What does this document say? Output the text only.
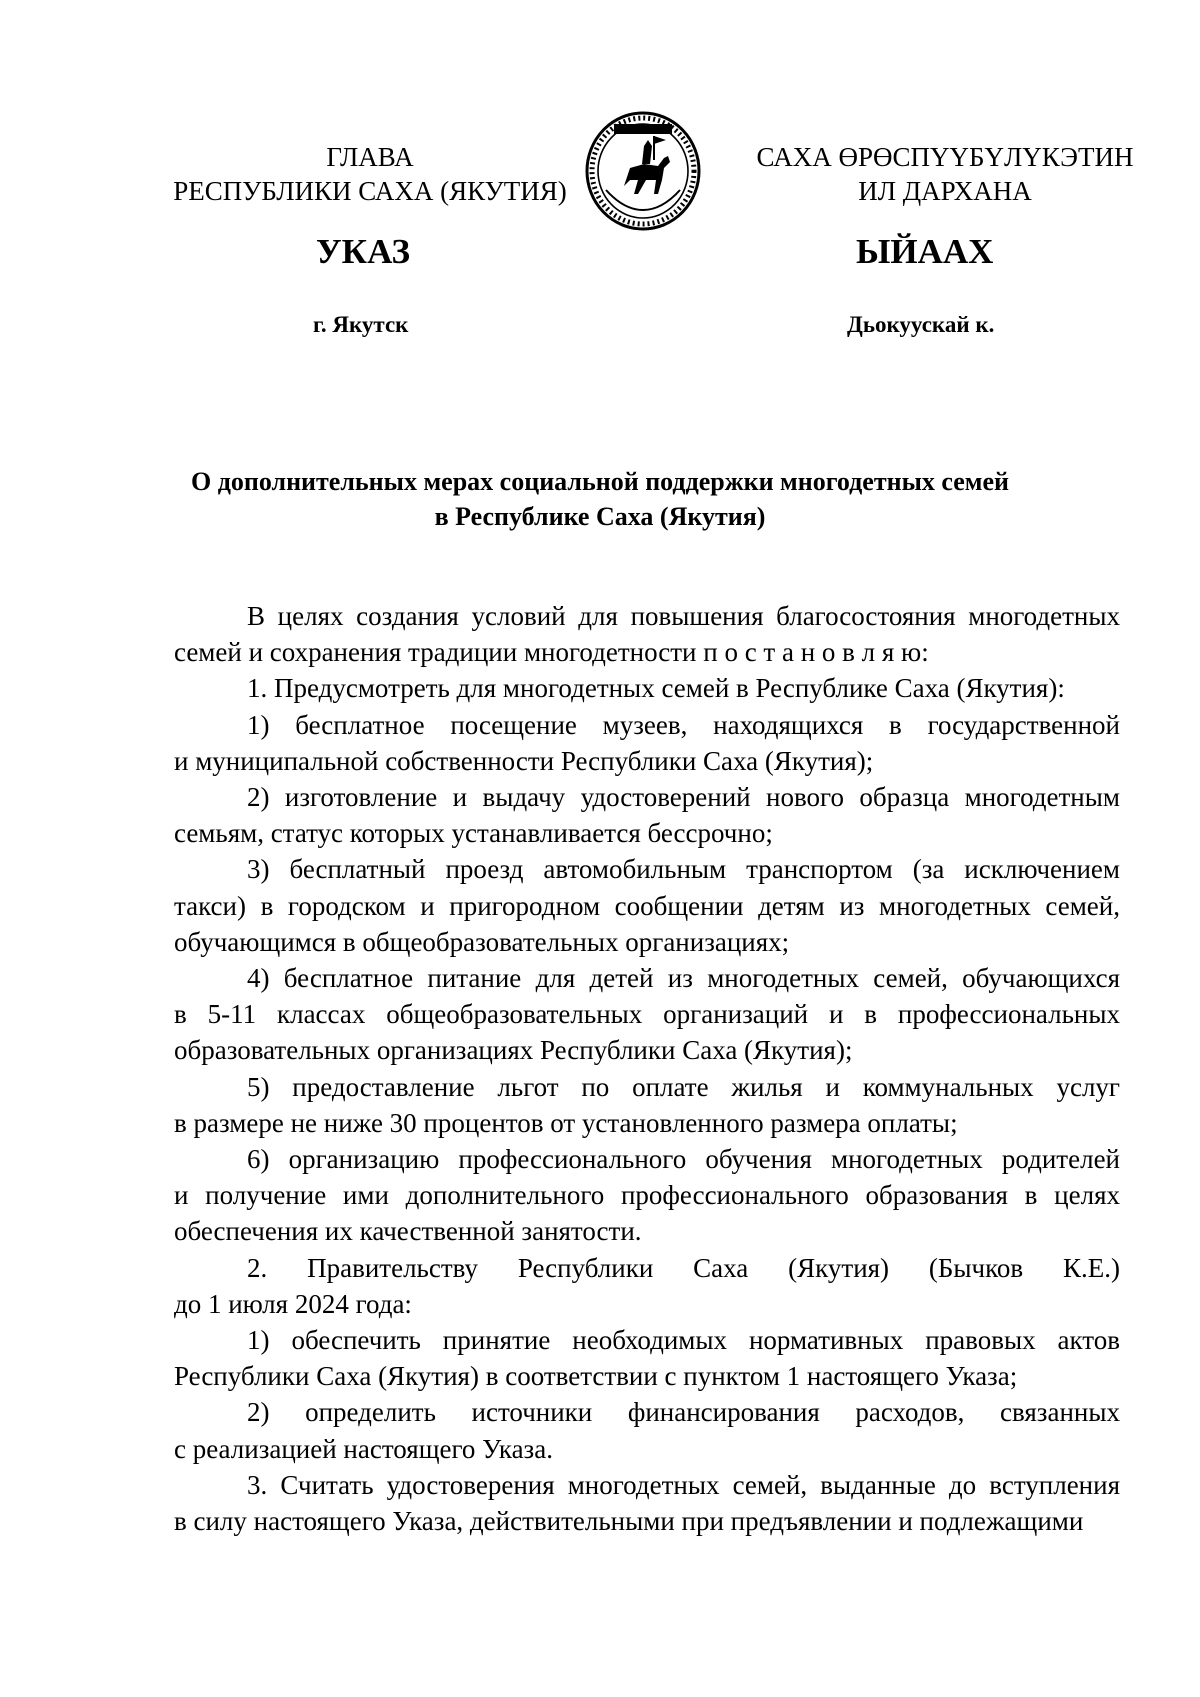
ГЛАВА
РЕСПУБЛИКИ САХА (ЯКУТИЯ)
САХА ӨРӨСПҮҮБҮЛҮКЭТИН
ИЛ ДАРХАНА
УКАЗ	ЫЙААХ
г. Якутск	Дьокуускай к.
О дополнительных мерах социальной поддержки многодетных семей
в Республике Саха (Якутия)
В целях создания условий для повышения благосостояния многодетных
семей и сохранения традиции многодетности п о с т а н о в л я ю:
1. Предусмотреть для многодетных семей в Республике Саха (Якутия):
1) бесплатное посещение музеев, находящихся в государственной
и муниципальной собственности Республики Саха (Якутия);
2) изготовление и выдачу удостоверений нового образца многодетным
семьям, статус которых устанавливается бессрочно;
3) бесплатный проезд автомобильным транспортом (за исключением
такси) в городском и пригородном сообщении детям из многодетных семей,
обучающимся в общеобразовательных организациях;
4) бесплатное питание для детей из многодетных семей, обучающихся
в 5-11 классах общеобразовательных организаций и в профессиональных
образовательных организациях Республики Саха (Якутия);
5) предоставление льгот по оплате жилья и коммунальных услуг
в размере не ниже 30 процентов от установленного размера оплаты;
6) организацию профессионального обучения многодетных родителей
и получение ими дополнительного профессионального образования в целях
обеспечения их качественной занятости.
2. Правительству Республики Саха (Якутия) (Бычков К.Е.)
до 1 июля 2024 года:
1) обеспечить принятие необходимых нормативных правовых актов
Республики Саха (Якутия) в соответствии с пунктом 1 настоящего Указа;
2) определить источники финансирования расходов, связанных
с реализацией настоящего Указа.
3. Считать удостоверения многодетных семей, выданные до вступления
в силу настоящего Указа, действительными при предъявлении и подлежащими
